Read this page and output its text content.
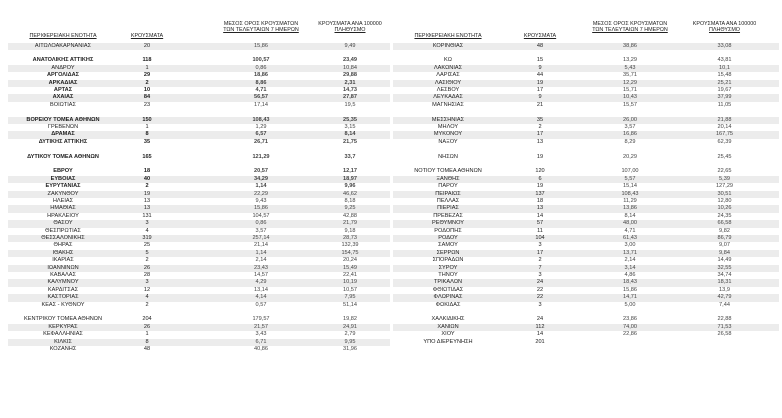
ΠΕΡΙΦΕΡΕΙΑΚΗ ΕΝΟΤΗΤΑ	ΚΡΟΥΣΜΑΤΑ
ΜΕΣΟΣ ΟΡΟΣ ΚΡΟΥΣΜΑΤΩΝ
ΤΩΝ ΤΕΛΕΥΤΑΙΩΝ 7 ΗΜΕΡΩΝ
ΚΡΟΥΣΜΑΤΑ ΑΝΑ 100000
ΠΛΗΘΥΣΜΟ
ΠΕΡΙΦΕΡΕΙΑΚΗ ΕΝΟΤΗΤΑ	ΚΡΟΥΣΜΑΤΑ
ΜΕΣΟΣ ΟΡΟΣ ΚΡΟΥΣΜΑΤΩΝ
ΤΩΝ ΤΕΛΕΥΤΑΙΩΝ 7 ΗΜΕΡΩΝ
ΚΡΟΥΣΜΑΤΑ ΑΝΑ 100000
ΠΛΗΘΥΣΜΟ
ΑΙΤΩΛΟΑΚΑΡΝΑΝΙΑΣ	20	15,86	9,49
ΑΝΑΤΟΛΙΚΗΣ ΑΤΤΙΚΗΣ	118	100,57	23,49
ΑΝΔΡΟΥ	1	0,86	10,84
ΑΡΓΟΛΙΔΑΣ	29	18,86	29,88
ΑΡΚΑΔΙΑΣ	2	8,86	2,31
ΑΡΤΑΣ	10	4,71	14,73
ΑΧΑΪΑΣ	84	56,57	27,87
ΒΟΙΩΤΙΑΣ	23	17,14	19,5
ΒΟΡΕΙΟΥ ΤΟΜΕΑ ΑΘΗΝΩΝ	150	108,43	25,35
ΓΡΕΒΕΝΩΝ	1	1,29	3,15
ΔΡΑΜΑΣ	8	6,57	8,14
ΔΥΤΙΚΗΣ ΑΤΤΙΚΗΣ	35	26,71	21,75
ΔΥΤΙΚΟΥ ΤΟΜΕΑ ΑΘΗΝΩΝ	165	121,29	33,7
ΕΒΡΟΥ	18	20,57	12,17
ΕΥΒΟΙΑΣ	40	34,29	18,97
ΕΥΡΥΤΑΝΙΑΣ	2	1,14	9,96
ΖΑΚΥΝΘΟΥ	19	22,29	46,62
ΗΛΕΙΑΣ	13	9,43	8,18
ΗΜΑΘΙΑΣ	13	15,86	9,25
ΗΡΑΚΛΕΙΟΥ	131	104,57	42,88
ΘΑΣΟΥ	3	0,86	21,79
ΘΕΣΠΡΩΤΙΑΣ	4	3,57	9,18
ΘΕΣΣΑΛΟΝΙΚΗΣ	319	257,14	28,73
ΘΗΡΑΣ	25	21,14	132,39
ΙΘΑΚΗΣ	5	1,14	154,75
ΙΚΑΡΙΑΣ	2	2,14	20,24
ΙΩΑΝΝΙΝΩΝ	26	23,43	15,49
ΚΑΒΑΛΑΣ	28	14,57	22,41
ΚΑΛΥΜΝΟΥ	3	4,29	10,19
ΚΑΡΔΙΤΣΑΣ	12	13,14	10,57
ΚΑΣΤΟΡΙΑΣ	4	4,14	7,95
ΚΕΑΣ - ΚΥΘΝΟΥ	2	0,57	51,14
ΚΕΝΤΡΙΚΟΥ ΤΟΜΕΑ ΑΘΗΝΩΝ	204	179,57	19,82
ΚΕΡΚΥΡΑΣ	26	21,57	24,91
ΚΕΦΑΛΛΗΝΙΑΣ	1	3,43	2,79
ΚΙΛΚΙΣ	8	6,71	9,95
ΚΟΖΑΝΗΣ	48	40,86	31,96
ΚΟΡΙΝΘΙΑΣ	48	38,86	33,08
ΚΩ	15	13,29	43,81
ΛΑΚΩΝΙΑΣ	9	5,43	10,1
ΛΑΡΙΣΑΣ	44	35,71	15,48
ΛΑΣΙΘΙΟΥ	19	12,29	25,21
ΛΕΣΒΟΥ	17	15,71	19,67
ΛΕΥΚΑΔΑΣ	9	10,43	37,99
ΜΑΓΝΗΣΙΑΣ	21	15,57	11,05
ΜΕΣΣΗΝΙΑΣ	35	26,00	21,88
ΜΗΛΟΥ	2	3,57	20,14
ΜΥΚΟΝΟΥ	17	16,86	167,75
ΝΑΞΟΥ	13	8,29	62,39
ΝΗΣΩΝ	19	20,29	25,45
ΝΟΤΙΟΥ ΤΟΜΕΑ ΑΘΗΝΩΝ	120	107,00	22,65
ΞΑΝΘΗΣ	6	5,57	5,39
ΠΑΡΟΥ	19	15,14	127,29
ΠΕΙΡΑΙΩΣ	137	108,43	30,51
ΠΕΛΛΑΣ	18	11,29	12,80
ΠΙΕΡΙΑΣ	13	13,86	10,26
ΠΡΕΒΕΖΑΣ	14	8,14	24,35
ΡΕΘΥΜΝΟΥ	57	48,00	66,58
ΡΟΔΟΠΗΣ	11	4,71	9,82
ΡΟΔΟΥ	104	61,43	86,79
ΣΑΜΟΥ	3	3,00	9,07
ΣΕΡΡΩΝ	17	13,71	9,84
ΣΠΟΡΑΔΩΝ	2	2,14	14,49
ΣΥΡΟΥ	7	3,14	32,55
ΤΗΝΟΥ	3	4,86	34,74
ΤΡΙΚΑΛΩΝ	24	18,43	18,31
ΦΘΙΩΤΙΔΑΣ	22	15,86	13,9
ΦΛΩΡΙΝΑΣ	22	14,71	42,79
ΦΩΚΙΔΑΣ	3	5,00	7,44
ΧΑΛΚΙΔΙΚΗΣ	24	23,86	22,88
ΧΑΝΙΩΝ	112	74,00	71,53
ΧΙΟΥ	14	22,86	26,58
ΥΠΟ ΔΙΕΡΕΥΝΗΣΗ	201
